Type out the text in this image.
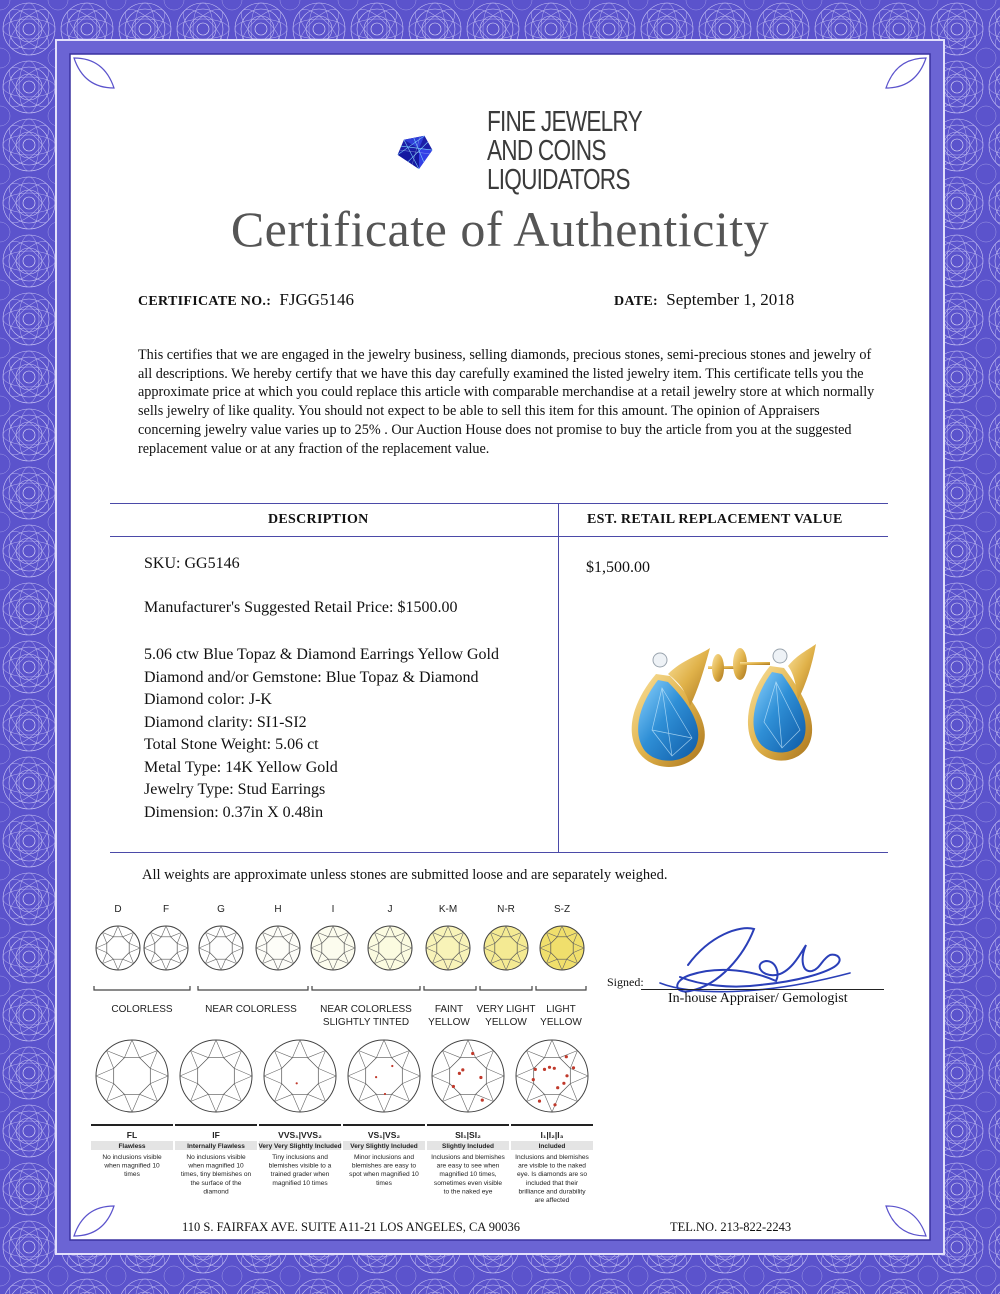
FINE JEWELRY
AND COINS
LIQUIDATORS
Certificate of Authenticity
CERTIFICATE NO.: FJGG5146	DATE: September 1, 2018
This certifies that we are engaged in the jewelry business, selling diamonds, precious stones, semi-precious stones and jewelry of all descriptions. We hereby certify that we have this day carefully examined the listed jewelry item. This certificate tells you the approximate price at which you could replace this article with comparable merchandise at a retail jewelry store at which normally sells jewelry of like quality. You should not expect to be able to sell this item for this amount. The opinion of Appraisers concerning jewelry value varies up to 25% . Our Auction House does not promise to buy the article from you at the suggested replacement value or at any fraction of the replacement value.
DESCRIPTION	EST. RETAIL REPLACEMENT VALUE
SKU: GG5146
Manufacturer's Suggested Retail Price: $1500.00
5.06 ctw Blue Topaz & Diamond Earrings Yellow Gold
Diamond and/or Gemstone: Blue Topaz & Diamond
Diamond color: J-K
Diamond clarity: SI1-SI2
Total Stone Weight: 5.06 ct
Metal Type: 14K Yellow Gold
Jewelry Type: Stud Earrings
Dimension: 0.37in X 0.48in
$1,500.00
All weights are approximate unless stones are submitted loose and are separately weighed.
D	F	G	H	I	J	K-M	N-R	S-Z
COLORLESS	NEAR COLORLESS NEAR COLORLESS
SLIGHTLY TINTED
FAINT
YELLOW
VERY LIGHT
YELLOW
LIGHT
YELLOW
FL
Flawless
No inclusions visible
when magnified 10
times
IF
Internally Flawless
No inclusions visible
when magnified 10
times, tiny blemishes on
the surface of the
diamond
VVS₁|VVS₂
Very Very Slightly Included
Tiny inclusions and
blemishes visible to a
trained grader when
magnified 10 times
VS₁|VS₂
Very Slightly Included
Minor inclusions and
blemishes are easy to
spot when magnified 10
times
SI₁|SI₂
Slightly Included
Inclusions and blemishes
are easy to see when
magnified 10 times,
sometimes even visible
to the naked eye
I₁|I₂|I₃
Included
Inclusions and blemishes
are visible to the naked
eye. Is diamonds are so
included that their
brilliance and durability
are affected
Signed:
In-house Appraiser/ Gemologist
110 S. FAIRFAX AVE. SUITE A11-21 LOS ANGELES, CA 90036	TEL.NO. 213-822-2243
